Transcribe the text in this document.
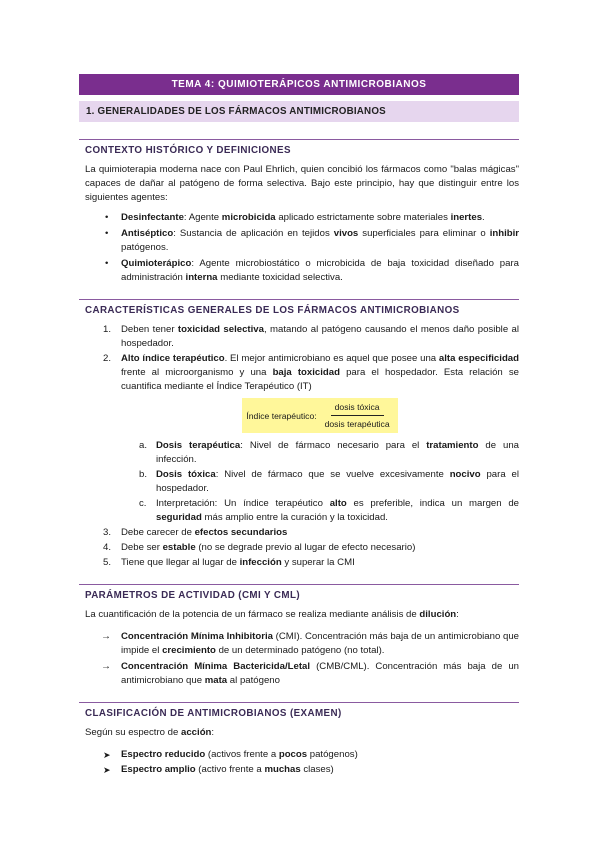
TEMA 4: QUIMIOTERÁPICOS ANTIMICROBIANOS
1. GENERALIDADES DE LOS FÁRMACOS ANTIMICROBIANOS
CONTEXTO HISTÓRICO Y DEFINICIONES
La quimioterapia moderna nace con Paul Ehrlich, quien concibió los fármacos como "balas mágicas" capaces de dañar al patógeno de forma selectiva. Bajo este principio, hay que distinguir entre los siguientes agentes:
• Desinfectante: Agente microbicida aplicado estrictamente sobre materiales inertes.
• Antiséptico: Sustancia de aplicación en tejidos vivos superficiales para eliminar o inhibir patógenos.
• Quimioterápico: Agente microbiostático o microbicida de baja toxicidad diseñado para administración interna mediante toxicidad selectiva.
CARACTERÍSTICAS GENERALES DE LOS FÁRMACOS ANTIMICROBIANOS
1. Deben tener toxicidad selectiva, matando al patógeno causando el menos daño posible al hospedador.
2. Alto índice terapéutico. El mejor antimicrobiano es aquel que posee una alta especificidad frente al microorganismo y una baja toxicidad para el hospedador. Esta relación se cuantifica mediante el Índice Terapéutico (IT)
Índice terapéutico: $\frac{\text{dosis tóxica}}{\text{dosis terapéutica}}$
a. Dosis terapéutica: Nivel de fármaco necesario para el tratamiento de una infección.
b. Dosis tóxica: Nivel de fármaco que se vuelve excesivamente nocivo para el hospedador.
c. Interpretación: Un índice terapéutico alto es preferible, indica un margen de seguridad más amplio entre la curación y la toxicidad.
3. Debe carecer de efectos secundarios
4. Debe ser estable (no se degrade previo al lugar de efecto necesario)
5. Tiene que llegar al lugar de infección y superar la CMI
PARÁMETROS DE ACTIVIDAD (CMI Y CML)
La cuantificación de la potencia de un fármaco se realiza mediante análisis de dilución:
→ Concentración Mínima Inhibitoria (CMI). Concentración más baja de un antimicrobiano que impide el crecimiento de un determinado patógeno (no total).
→ Concentración Mínima Bactericida/Letal (CMB/CML). Concentración más baja de un antimicrobiano que mata al patógeno
CLASIFICACIÓN DE ANTIMICROBIANOS (EXAMEN)
Según su espectro de acción:
➤ Espectro reducido (activos frente a pocos patógenos)
➤ Espectro amplio (activo frente a muchas clases)
